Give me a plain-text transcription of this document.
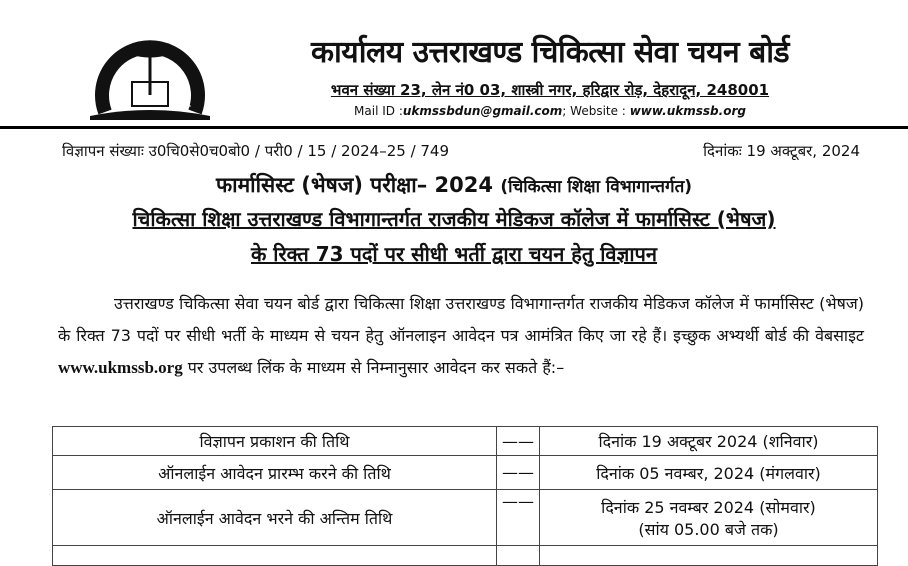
+	+
कार्यालय उत्तराखण्ड चिकित्सा सेवा चयन बोर्ड
भवन संख्या 23, लेन नं0 03, शास्त्री नगर, हरिद्वार रोड़, देहरादून, 248001
Mail ID :ukmssbdun@gmail.com; Website : www.ukmssb.org
विज्ञापन संख्याः उ0चि0से0च0बो0 / परी0 / 15 / 2024–25 / 749	दिनांकः 19 अक्टूबर, 2024
फार्मासिस्ट (भेषज) परीक्षा– 2024 (चिकित्सा शिक्षा विभागान्तर्गत)
चिकित्सा शिक्षा उत्तराखण्ड विभागान्तर्गत राजकीय मेडिकज कॉलेज में फार्मासिस्ट (भेषज)
के रिक्त 73 पदों पर सीधी भर्ती द्वारा चयन हेतु विज्ञापन
उत्तराखण्ड चिकित्सा सेवा चयन बोर्ड द्वारा चिकित्सा शिक्षा उत्तराखण्ड विभागान्तर्गत राजकीय मेडिकज कॉलेज में फार्मासिस्ट (भेषज) के रिक्त 73 पदों पर सीधी भर्ती के माध्यम से चयन हेतु ऑनलाइन आवेदन पत्र आमंत्रित किए जा रहे हैं। इच्छुक अभ्यर्थी बोर्ड की वेबसाइट www.ukmssb.org पर उपलब्ध लिंक के माध्यम से निम्नानुसार आवेदन कर सकते हैं:–
विज्ञापन प्रकाशन की तिथि	——	दिनांक 19 अक्टूबर 2024 (शनिवार)
ऑनलाईन आवेदन प्रारम्भ करने की तिथि	——	दिनांक 05 नवम्बर, 2024 (मंगलवार)
ऑनलाईन आवेदन भरने की अन्तिम तिथि	——	दिनांक 25 नवम्बर 2024 (सोमवार)
(सांय 05.00 बजे तक)
